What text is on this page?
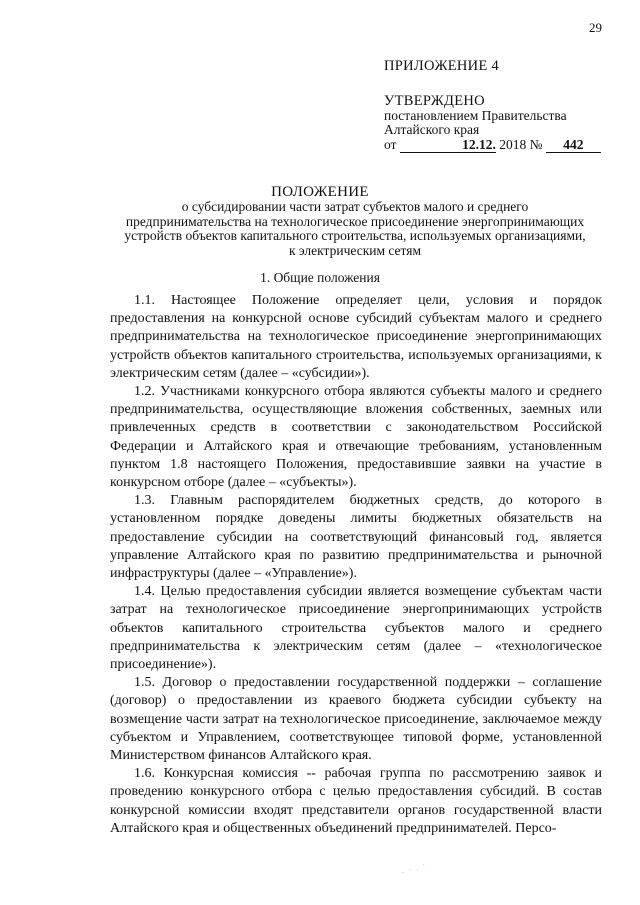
29
ПРИЛОЖЕНИЕ 4
УТВЕРЖДЕНО
постановлением Правительства
Алтайского края
от	12.12. 2018 № 442
ПОЛОЖЕНИЕ
о субсидировании части затрат субъектов малого и среднего предпринимательства на технологическое присоединение энергопринимающих устройств объектов капитального строительства, используемых организациями, к электрическим сетям
1. Общие положения

1.1. Настоящее Положение определяет цели, условия и порядок предоставления на конкурсной основе субсидий субъектам малого и среднего предпринимательства на технологическое присоединение энергопринимающих устройств объектов капитального строительства, используемых организациями, к электрическим сетям (далее – «субсидии»).

1.2. Участниками конкурсного отбора являются субъекты малого и среднего предпринимательства, осуществляющие вложения собственных, заемных или привлеченных средств в соответствии с законодательством Российской Федерации и Алтайского края и отвечающие требованиям, установленным пунктом 1.8 настоящего Положения, предоставившие заявки на участие в конкурсном отборе (далее – «субъекты»).

1.3. Главным распорядителем бюджетных средств, до которого в установленном порядке доведены лимиты бюджетных обязательств на предоставление субсидии на соответствующий финансовый год, является управление Алтайского края по развитию предпринимательства и рыночной инфраструктуры (далее – «Управление»).

1.4. Целью предоставления субсидии является возмещение субъектам части затрат на технологическое присоединение энергопринимающих устройств объектов капитального строительства субъектов малого и среднего предпринимательства к электрическим сетям (далее – «технологическое присоединение»).

1.5. Договор о предоставлении государственной поддержки – соглашение (договор) о предоставлении из краевого бюджета субсидии субъекту на возмещение части затрат на технологическое присоединение, заключаемое между субъектом и Управлением, соответствующее типовой форме, установленной Министерством финансов Алтайского края.

1.6. Конкурсная комиссия -- рабочая группа по рассмотрению заявок и проведению конкурсного отбора с целью предоставления субсидий. В состав конкурсной комиссии входят представители органов государственной власти Алтайского края и общественных объединений предпринимателей. Персо-

` ˙ · ˙
